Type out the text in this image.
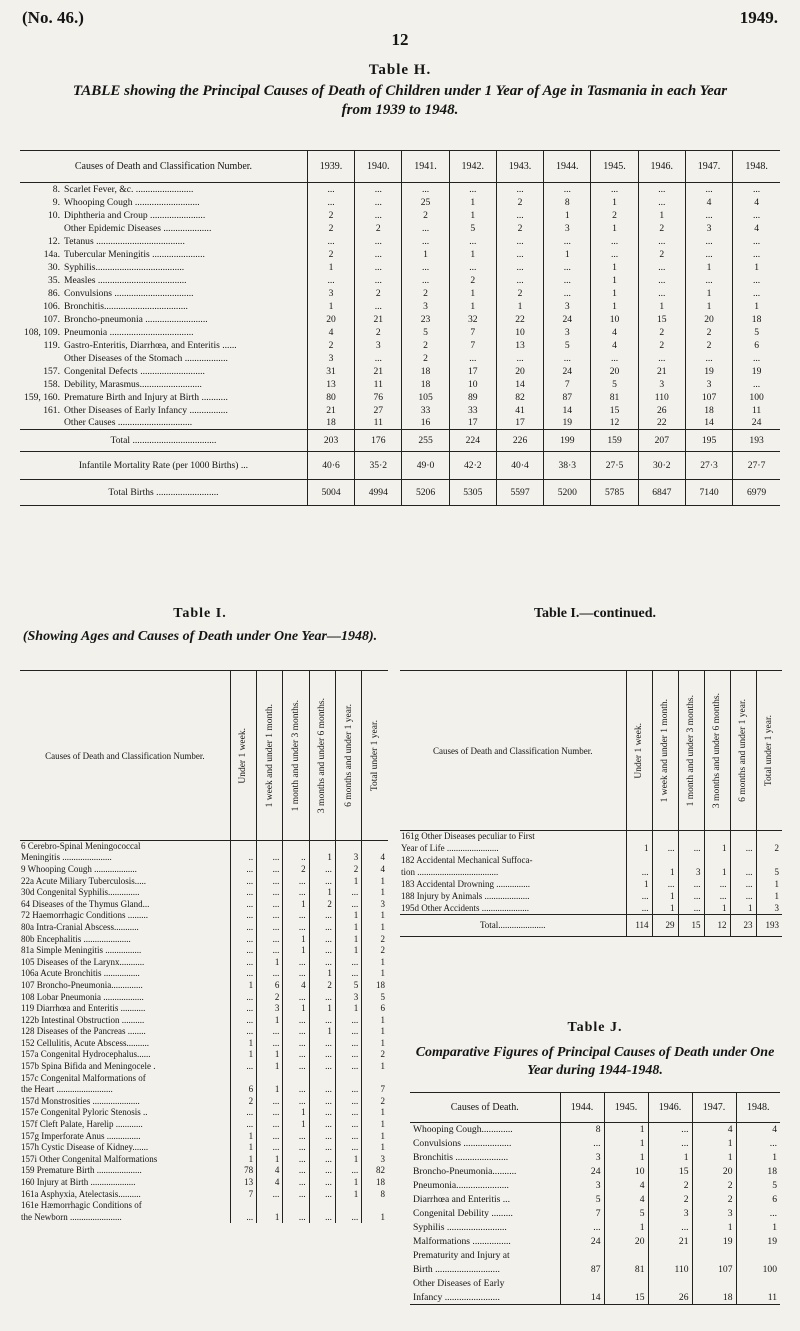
(No. 46.)	1949.
12
Table H.
TABLE showing the Principal Causes of Death of Children under 1 Year of Age in Tasmania in each Year from 1939 to 1948.
Causes of Death and Classification Number.	1939.	1940.	1941.	1942.	1943.	1944.	1945.	1946.	1947.	1948.
8. Scarlet Fever, &c. ........................	...	...	...	...	...	...	...	...	...	...
9. Whooping Cough ...........................	...	...	25	1	2	8	1	...	4	4
10. Diphtheria and Croup .......................	2	...	2	1	...	1	2	1	...	...
Other Epidemic Diseases ....................	2	2	...	5	2	3	1	2	3	4
12. Tetanus .....................................	...	...	...	...	...	...	...	...	...	...
14a. Tubercular Meningitis ......................	2	...	1	1	...	1	...	2	...	...
30. Syphilis.....................................	1	...	...	...	...	...	1	...	1	1
35. Measles .....................................	...	...	...	2	...	...	1	...	...	...
86. Convulsions .................................	3	2	2	1	2	...	1	...	1	...
106. Bronchitis...................................	1	...	3	1	1	3	1	1	1	1
107. Broncho-pneumonia ..........................	20	21	23	32	22	24	10	15	20	18
108, 109. Pneumonia ...................................	4	2	5	7	10	3	4	2	2	5
119. Gastro-Enteritis, Diarrhœa, and Enteritis ......	2	3	2	7	13	5	4	2	2	6
Other Diseases of the Stomach ..................	3	...	2	...	...	...	...	...	...	...
157. Congenital Defects ...........................	31	21	18	17	20	24	20	21	19	19
158. Debility, Marasmus..........................	13	11	18	10	14	7	5	3	3	...
159, 160. Premature Birth and Injury at Birth ...........	80	76	105	89	82	87	81	110	107	100
161. Other Diseases of Early Infancy ................	21	27	33	33	41	14	15	26	18	11
Other Causes ...............................	18	11	16	17	17	19	12	22	14	24
Total ...................................	203	176	255	224	226	199	159	207	195	193
Infantile Mortality Rate (per 1000 Births) ...	40·6	35·2	49·0	42·2	40·4	38·3	27·5	30·2	27·3	27·7
Total Births ..........................	5004	4994	5206	5305	5597	5200	5785	6847	7140	6979
Table I.
(Showing Ages and Causes of Death under One Year—1948).
Table I.—continued.
Causes of Death and Classification Number.	Under 1 week.	1 week and under 1 month.	1 month and under 3 months.	3 months and under 6 months.	6 months and under 1 year.	Total under 1 year.

6 Cerebro-Spinal Meningococcal						
Meningitis ......................	..	...	..	1	3	4
9 Whooping Cough ...................	...	...	2	...	2	4
22a Acute Miliary Tuberculosis.....	...	...	...	...	1	1
30d Congenital Syphilis..............	...	...	...	1	...	1
64 Diseases of the Thymus Gland...	...	...	1	2	...	3
72 Haemorrhagic Conditions .........	...	...	...	...	1	1
80a Intra-Cranial Abscess...........	...	...	...	...	1	1
80b Encephalitis .....................	...	...	1	...	1	2
81a Simple Meningitis ................	...	...	1	...	1	2
105 Diseases of the Larynx...........	...	1	...	...	...	1
106a Acute Bronchitis ................	...	...	...	1	...	1
107 Broncho-Pneumonia..............	1	6	4	2	5	18
108 Lobar Pneumonia ..................	...	2	...	...	3	5
119 Diarrhœa and Enteritis ...........	...	3	1	1	1	6
122b Intestinal Obstruction ..........	...	1	...	...	...	1
128 Diseases of the Pancreas ........	...	...	...	1	...	1
152 Cellulitis, Acute Abscess..........	1	...	...	...	...	1
157a Congenital Hydrocephalus......	1	1	...	...	...	2
157b Spina Bifida and Meningocele .	...	1	...	...	...	1
157c Congenital Malformations of						
the Heart .........................	6	1	...	...	...	7
157d Monstrosities .....................	2	...	...	...	...	2
157e Congenital Pyloric Stenosis ..	...	...	1	...	...	1
157f Cleft Palate, Harelip ............	...	...	1	...	...	1
157g Imperforate Anus ...............	1	...	...	...	...	1
157h Cystic Disease of Kidney.......	1	...	...	...	...	1
157i Other Congenital Malformations	1	1	...	...	1	3
159 Premature Birth ....................	78	4	...	...	...	82
160 Injury at Birth ....................	13	4	...	...	1	18
161a Asphyxia, Atelectasis..........	7	...	...	...	1	8
161e Hæmorrhagic Conditions of						
the Newborn .......................	...	1	...	...	...	1
Causes of Death and Classification Number.	Under 1 week.	1 week and under 1 month.	1 month and under 3 months.	3 months and under 6 months.	6 months and under 1 year.	Total under 1 year.

161g Other Diseases peculiar to First						
Year of Life .......................	1	...	...	1	...	2
182 Accidental Mechanical Suffoca-						
tion ....................................	...	1	3	1	...	5
183 Accidental Drowning ...............	1	...	...	...	...	1
188 Injury by Animals ....................	...	1	...	...	...	1
195d Other Accidents .....................	...	1	...	1	1	3
Total.....................	114	29	15	12	23	193
Table J.
Comparative Figures of Principal Causes of Death under One Year during 1944-1948.
Causes of Death.	1944.	1945.	1946.	1947.	1948.
Whooping Cough.............	8	1	...	4	4
Convulsions ....................	...	1	...	1	...
Bronchitis ......................	3	1	1	1	1
Broncho-Pneumonia..........	24	10	15	20	18
Pneumonia......................	3	4	2	2	5
Diarrhœa and Enteritis ...	5	4	2	2	6
Congenital Debility .........	7	5	3	3	...
Syphilis .........................	...	1	...	1	1
Malformations ................	24	20	21	19	19
Prematurity and Injury at					
Birth ...........................	87	81	110	107	100
Other Diseases of Early					
Infancy .......................	14	15	26	18	11
